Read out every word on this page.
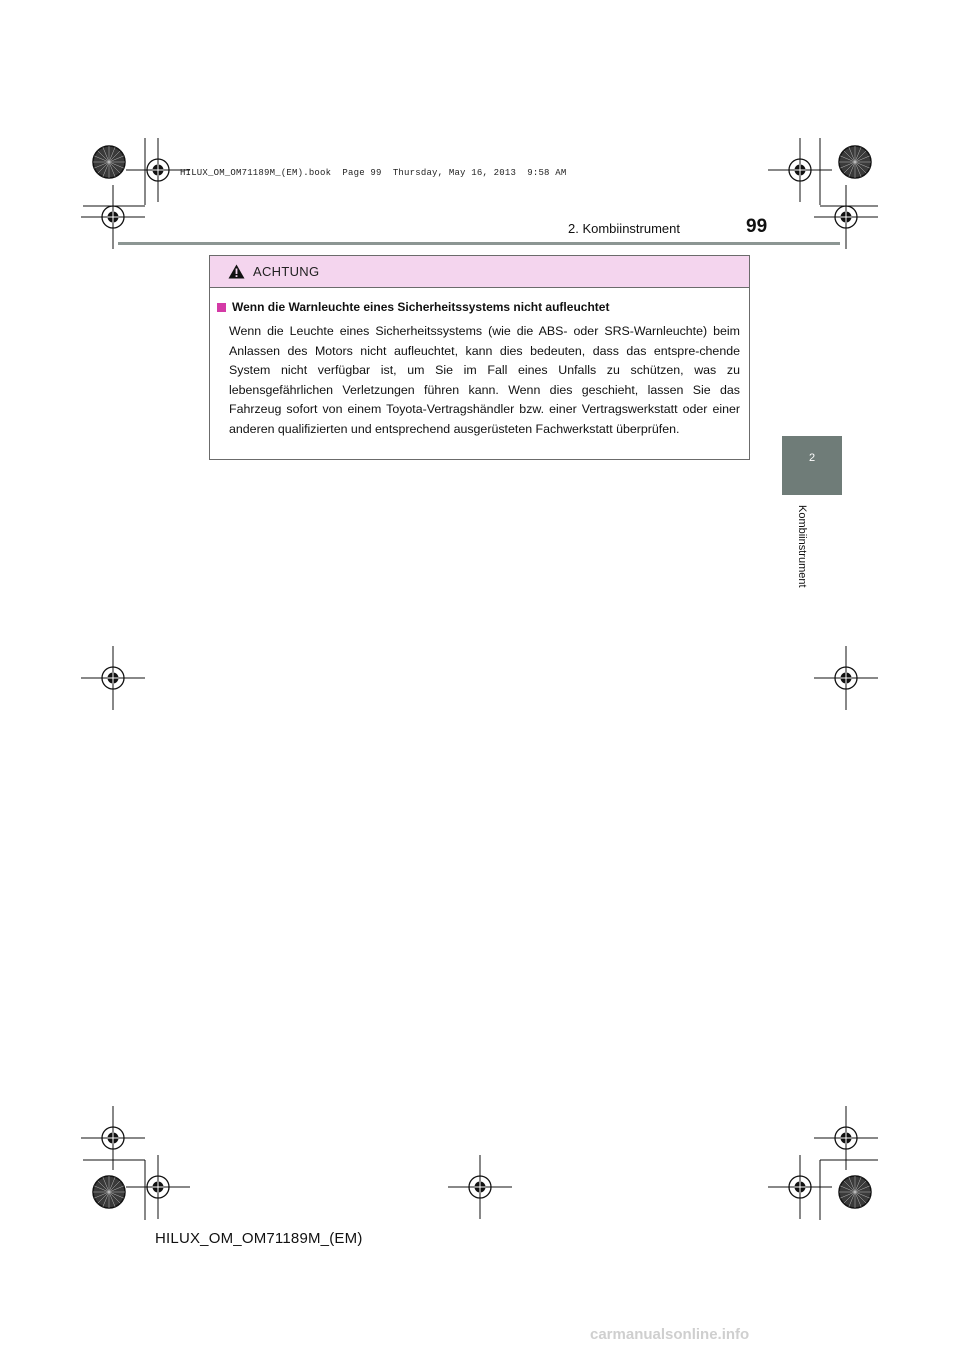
HILUX_OM_OM71189M_(EM).book  Page 99  Thursday, May 16, 2013  9:58 AM
2. Kombiinstrument	99
2
Kombiinstrument
ACHTUNG
Wenn die Warnleuchte eines Sicherheitssystems nicht aufleuchtet

Wenn die Leuchte eines Sicherheitssystems (wie die ABS- oder SRS-Warnleuchte) beim Anlassen des Motors nicht aufleuchtet, kann dies bedeuten, dass das entspre-chende System nicht verfügbar ist, um Sie im Fall eines Unfalls zu schützen, was zu lebensgefährlichen Verletzungen führen kann. Wenn dies geschieht, lassen Sie das Fahrzeug sofort von einem Toyota-Vertragshändler bzw. einer Vertragswerkstatt oder einer anderen qualifizierten und entsprechend ausgerüsteten Fachwerkstatt überprüfen.

HILUX_OM_OM71189M_(EM)
carmanualsonline.info
